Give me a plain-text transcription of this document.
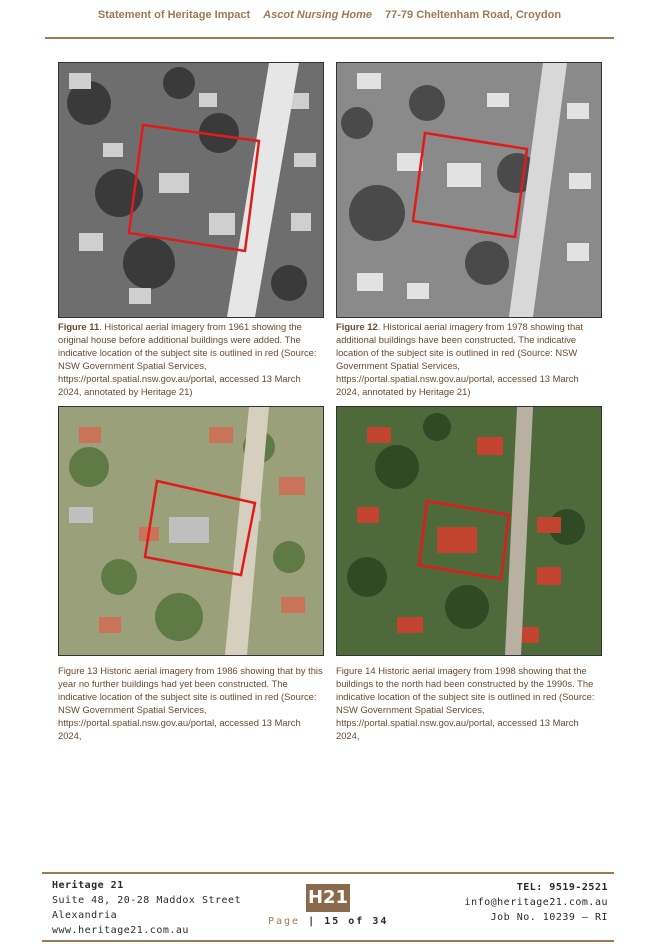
Statement of Heritage Impact Ascot Nursing Home 77-79 Cheltenham Road, Croydon
Figure 11. Historical aerial imagery from 1961 showing the original house before additional buildings were added. The indicative location of the subject site is outlined in red (Source: NSW Government Spatial Services, https://portal.spatial.nsw.gov.au/portal, accessed 13 March 2024, annotated by Heritage 21)
Figure 12. Historical aerial imagery from 1978 showing that additional buildings have been constructed. The indicative location of the subject site is outlined in red (Source: NSW Government Spatial Services, https://portal.spatial.nsw.gov.au/portal, accessed 13 March 2024, annotated by Heritage 21)
Figure 13 Historic aerial imagery from 1986 showing that by this year no further buildings had yet been constructed. The indicative location of the subject site is outlined in red (Source: NSW Government Spatial Services, https://portal.spatial.nsw.gov.au/portal, accessed 13 March 2024,
Figure 14 Historic aerial imagery from 1998 showing that the buildings to the north had been constructed by the 1990s. The indicative location of the subject site is outlined in red (Source: NSW Government Spatial Services, https://portal.spatial.nsw.gov.au/portal, accessed 13 March 2024,
Heritage 21
Suite 48, 20-28 Maddox Street
Alexandria
www.heritage21.com.au
H21
Page | 15 of 34
TEL: 9519-2521
info@heritage21.com.au
Job No. 10239 – RI
